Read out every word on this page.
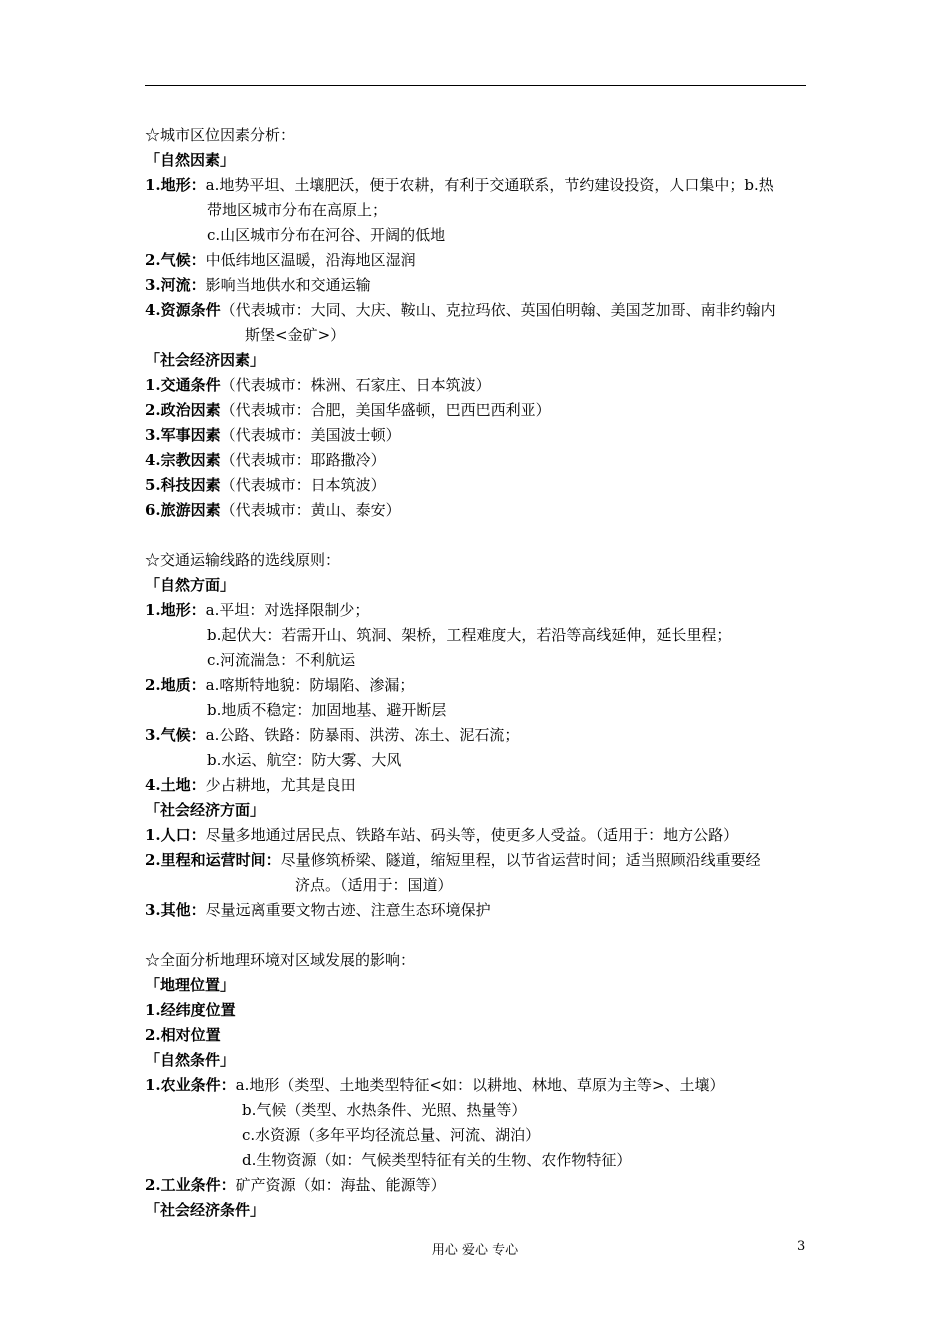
☆城市区位因素分析：
「自然因素」
1.地形：a.地势平坦、土壤肥沃，便于农耕，有利于交通联系，节约建设投资，人口集中；b.热
带地区城市分布在高原上；
c.山区城市分布在河谷、开阔的低地
2.气候：中低纬地区温暖，沿海地区湿润
3.河流：影响当地供水和交通运输
4.资源条件（代表城市：大同、大庆、鞍山、克拉玛依、英国伯明翰、美国芝加哥、南非约翰内
斯堡<金矿>）
「社会经济因素」
1.交通条件（代表城市：株洲、石家庄、日本筑波）
2.政治因素（代表城市：合肥，美国华盛顿，巴西巴西利亚）
3.军事因素（代表城市：美国波士顿）
4.宗教因素（代表城市：耶路撒冷）
5.科技因素（代表城市：日本筑波）
6.旅游因素（代表城市：黄山、泰安）
☆交通运输线路的选线原则：
「自然方面」
1.地形：a.平坦：对选择限制少；
b.起伏大：若需开山、筑洞、架桥，工程难度大，若沿等高线延伸，延长里程；
c.河流湍急：不利航运
2.地质：a.喀斯特地貌：防塌陷、渗漏；
b.地质不稳定：加固地基、避开断层
3.气候：a.公路、铁路：防暴雨、洪涝、冻土、泥石流；
b.水运、航空：防大雾、大风
4.土地：少占耕地，尤其是良田
「社会经济方面」
1.人口：尽量多地通过居民点、铁路车站、码头等，使更多人受益。（适用于：地方公路）
2.里程和运营时间：尽量修筑桥梁、隧道，缩短里程，以节省运营时间；适当照顾沿线重要经
济点。（适用于：国道）
3.其他：尽量远离重要文物古迹、注意生态环境保护
☆全面分析地理环境对区域发展的影响：
「地理位置」
1.经纬度位置
2.相对位置
「自然条件」
1.农业条件：a.地形（类型、土地类型特征<如：以耕地、林地、草原为主等>、土壤）
b.气候（类型、水热条件、光照、热量等）
c.水资源（多年平均径流总量、河流、湖泊）
d.生物资源（如：气候类型特征有关的生物、农作物特征）
2.工业条件：矿产资源（如：海盐、能源等）
「社会经济条件」
用心 爱心 专心	3
